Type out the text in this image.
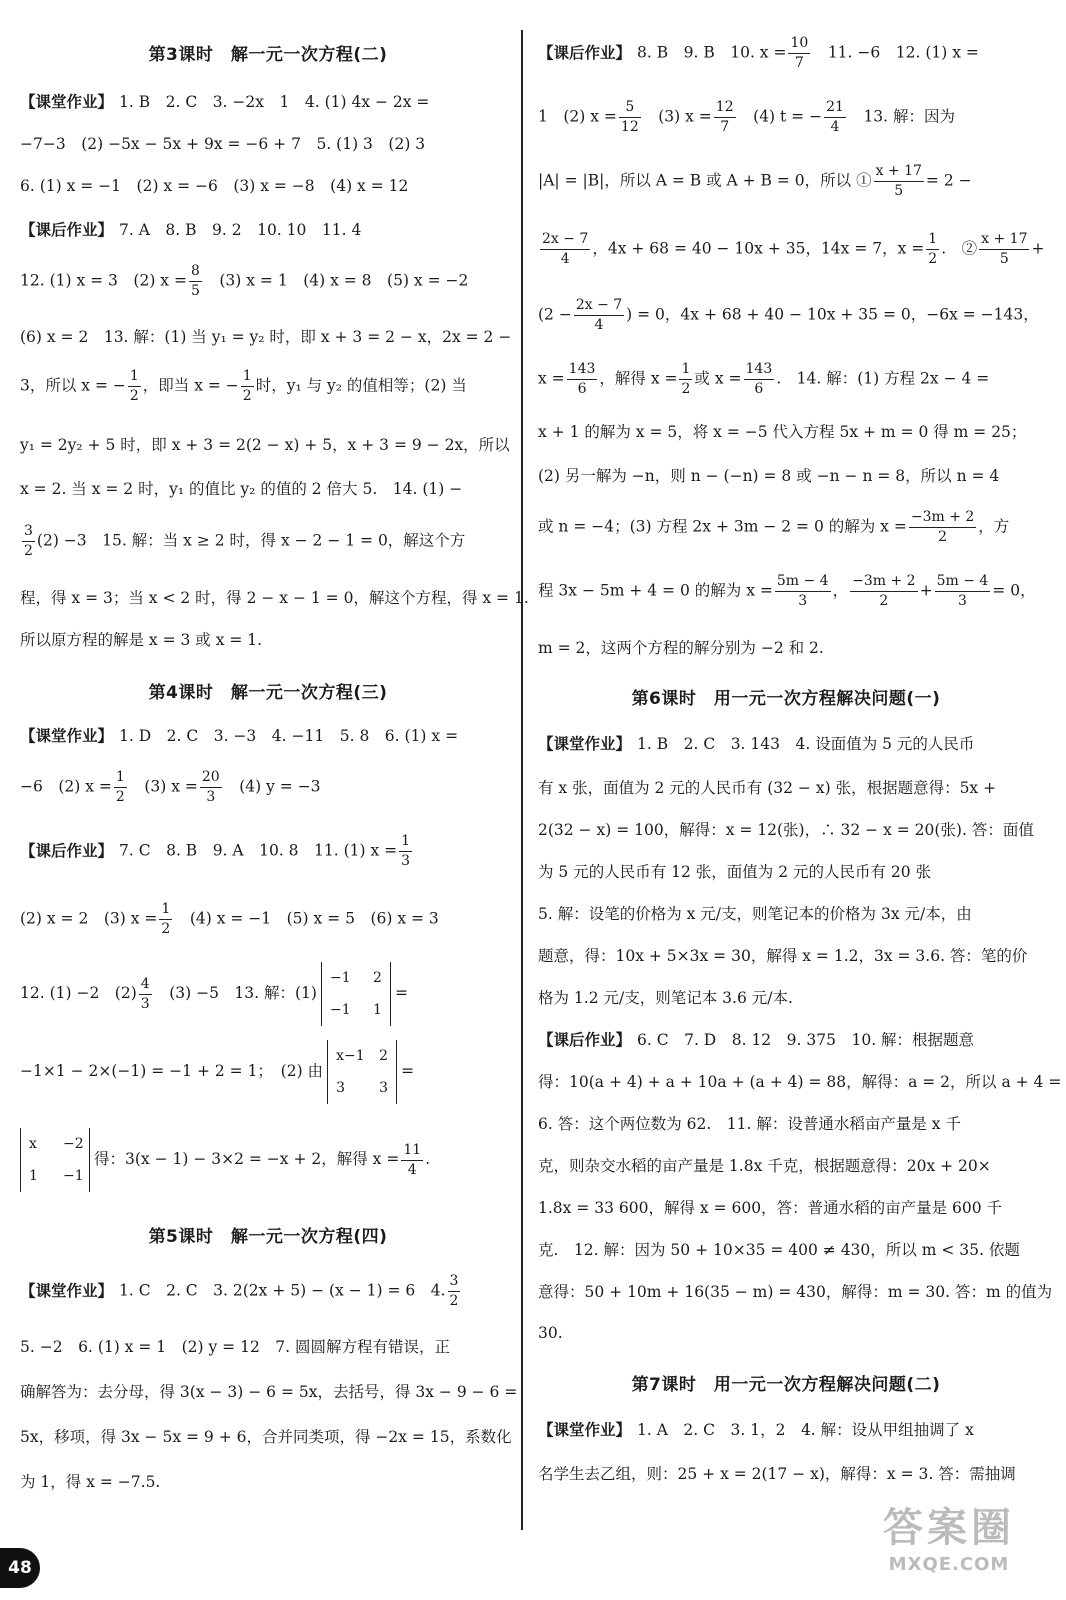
第3课时　解一元一次方程(二)
【课堂作业】 1. B　2. C　3. −2x　1　4. (1) 4x − 2x =
−7−3　(2) −5x − 5x + 9x = −6 + 7　5. (1) 3　(2) 3
6. (1) x = −1　(2) x = −6　(3) x = −8　(4) x = 12
【课后作业】 7. A　8. B　9. 2　10. 10　11. 4
12. (1) x = 3　(2) $x = \frac{8}{5}$ 　(3) x = 1　(4) x = 8　(5) x = −2
(6) x = 2　13. 解：(1) 当 y₁ = y₂ 时，即 x + 3 = 2 − x，2x = 2 −
3，所以 x = − $\frac{1}{2}$ ，即当 x = − $\frac{1}{2}$ 时，y₁ 与 y₂ 的值相等；(2) 当
y₁ = 2y₂ + 5 时，即 x + 3 = 2(2 − x) + 5，x + 3 = 9 − 2x，所以
x = 2. 当 x = 2 时，y₁ 的值比 y₂ 的值的 2 倍大 5.　14. (1) −
$\frac{3}{2} (2) -3$　15. 解：当 x ≥ 2 时，得 x − 2 − 1 = 0，解这个方
程，得 x = 3；当 x < 2 时，得 2 − x − 1 = 0，解这个方程，得 x = 1.
所以原方程的解是 x = 3 或 x = 1.
第4课时　解一元一次方程(三)
【课堂作业】 1. D　2. C　3. −3　4. −11　5. 8　6. (1) x =
−6　(2) $x = \frac{1}{2}$
　 (3) $x = \frac{20}{3}$
　 (4) y = −3
【课后作业】 7. C　8. B　9. A　10. 8　11. (1) $x = \frac{1}{3}$
(2) x = 2　(3) $x = \frac{1}{2}$
　 (4) x = −1　(5) x = 5　(6) x = 3
12. (1) −2　$(2) \frac{4}{3}$
　 (3) −5　13. 解：(1)
−1 2
−1 1
=
−1×1 − 2×(−1) = −1 + 2 = 1；　(2) 由
x−1 2
3 3
=
x −2
1 −1
得：3(x − 1) − 3×2 = −x + 2，解得 $x = \frac{11}{4}$ .
第5课时　解一元一次方程(四)
【课堂作业】 1. C　2. C　3. 2(2x + 5) − (x − 1) = 6　4. $\frac{3}{2}$
5. −2　6. (1) x = 1　(2) y = 12　7. 圆圆解方程有错误，正
确解答为：去分母，得 3(x − 3) − 6 = 5x，去括号，得 3x − 9 − 6 =
5x，移项，得 3x − 5x = 9 + 6，合并同类项，得 −2x = 15，系数化
为 1，得 x = −7.5.
【课后作业】 8. B　9. B　10. $x = \frac{10}{7}$
　 11. −6　12. (1) x =
1　(2) $x = \frac{5}{12}$
　 (3) $x = \frac{12}{7}$
　 (4) t = − $\frac{21}{4}$
　 13. 解：因为
|A| = |B|，所以 A = B 或 A + B = 0，所以 ① $\frac{x + 17}{5} = 2$ −
$\frac{2x - 7}{4}$ ，4x + 68 = 40 − 10x + 35，14x = 7，$x = \frac{1}{2}$ .　② $\frac{x + 17}{5}$ +
($2 - \frac{2x - 7}{4}$ ) = 0，4x + 68 + 40 − 10x + 35 = 0，−6x = −143，
$x = \frac{143}{6}$ ，解得 $x = \frac{1}{2}$ 或 $x = \frac{143}{6}$ .　14. 解：(1) 方程 2x − 4 =
x + 1 的解为 x = 5，将 x = −5 代入方程 5x + m = 0 得 m = 25；
(2) 另一解为 −n，则 n − (−n) = 8 或 −n − n = 8，所以 n = 4
或 n = −4；(3) 方程 2x + 3m − 2 = 0 的解为 $x = \frac{-3m + 2}{2}$ ，方
程 3x − 5m + 4 = 0 的解为 $x = \frac{5m - 4}{3}$ ， $\frac{-3m + 2}{2} + \frac{5m - 4}{3} = 0$，
m = 2，这两个方程的解分别为 −2 和 2.
第6课时　用一元一次方程解决问题(一)
【课堂作业】 1. B　2. C　3. 143　4. 设面值为 5 元的人民币
有 x 张，面值为 2 元的人民币有 (32 − x) 张，根据题意得：5x +
2(32 − x) = 100，解得：x = 12(张)，∴ 32 − x = 20(张). 答：面值
为 5 元的人民币有 12 张，面值为 2 元的人民币有 20 张
5. 解：设笔的价格为 x 元/支，则笔记本的价格为 3x 元/本，由
题意，得：10x + 5×3x = 30，解得 x = 1.2，3x = 3.6. 答：笔的价
格为 1.2 元/支，则笔记本 3.6 元/本.
【课后作业】 6. C　7. D　8. 12　9. 375　10. 解：根据题意
得：10(a + 4) + a + 10a + (a + 4) = 88，解得：a = 2，所以 a + 4 =
6. 答：这个两位数为 62.　11. 解：设普通水稻亩产量是 x 千
克，则杂交水稻的亩产量是 1.8x 千克，根据题意得：20x + 20×
1.8x = 33 600，解得 x = 600，答：普通水稻的亩产量是 600 千
克.　12. 解：因为 50 + 10×35 = 400 ≠ 430，所以 m < 35. 依题
意得：50 + 10m + 16(35 − m) = 430，解得：m = 30. 答：m 的值为
30.
第7课时　用一元一次方程解决问题(二)
【课堂作业】 1. A　2. C　3. 1，2　4. 解：设从甲组抽调了 x
名学生去乙组，则：25 + x = 2(17 − x)，解得：x = 3. 答：需抽调
48
答案圈
MXQE.COM
